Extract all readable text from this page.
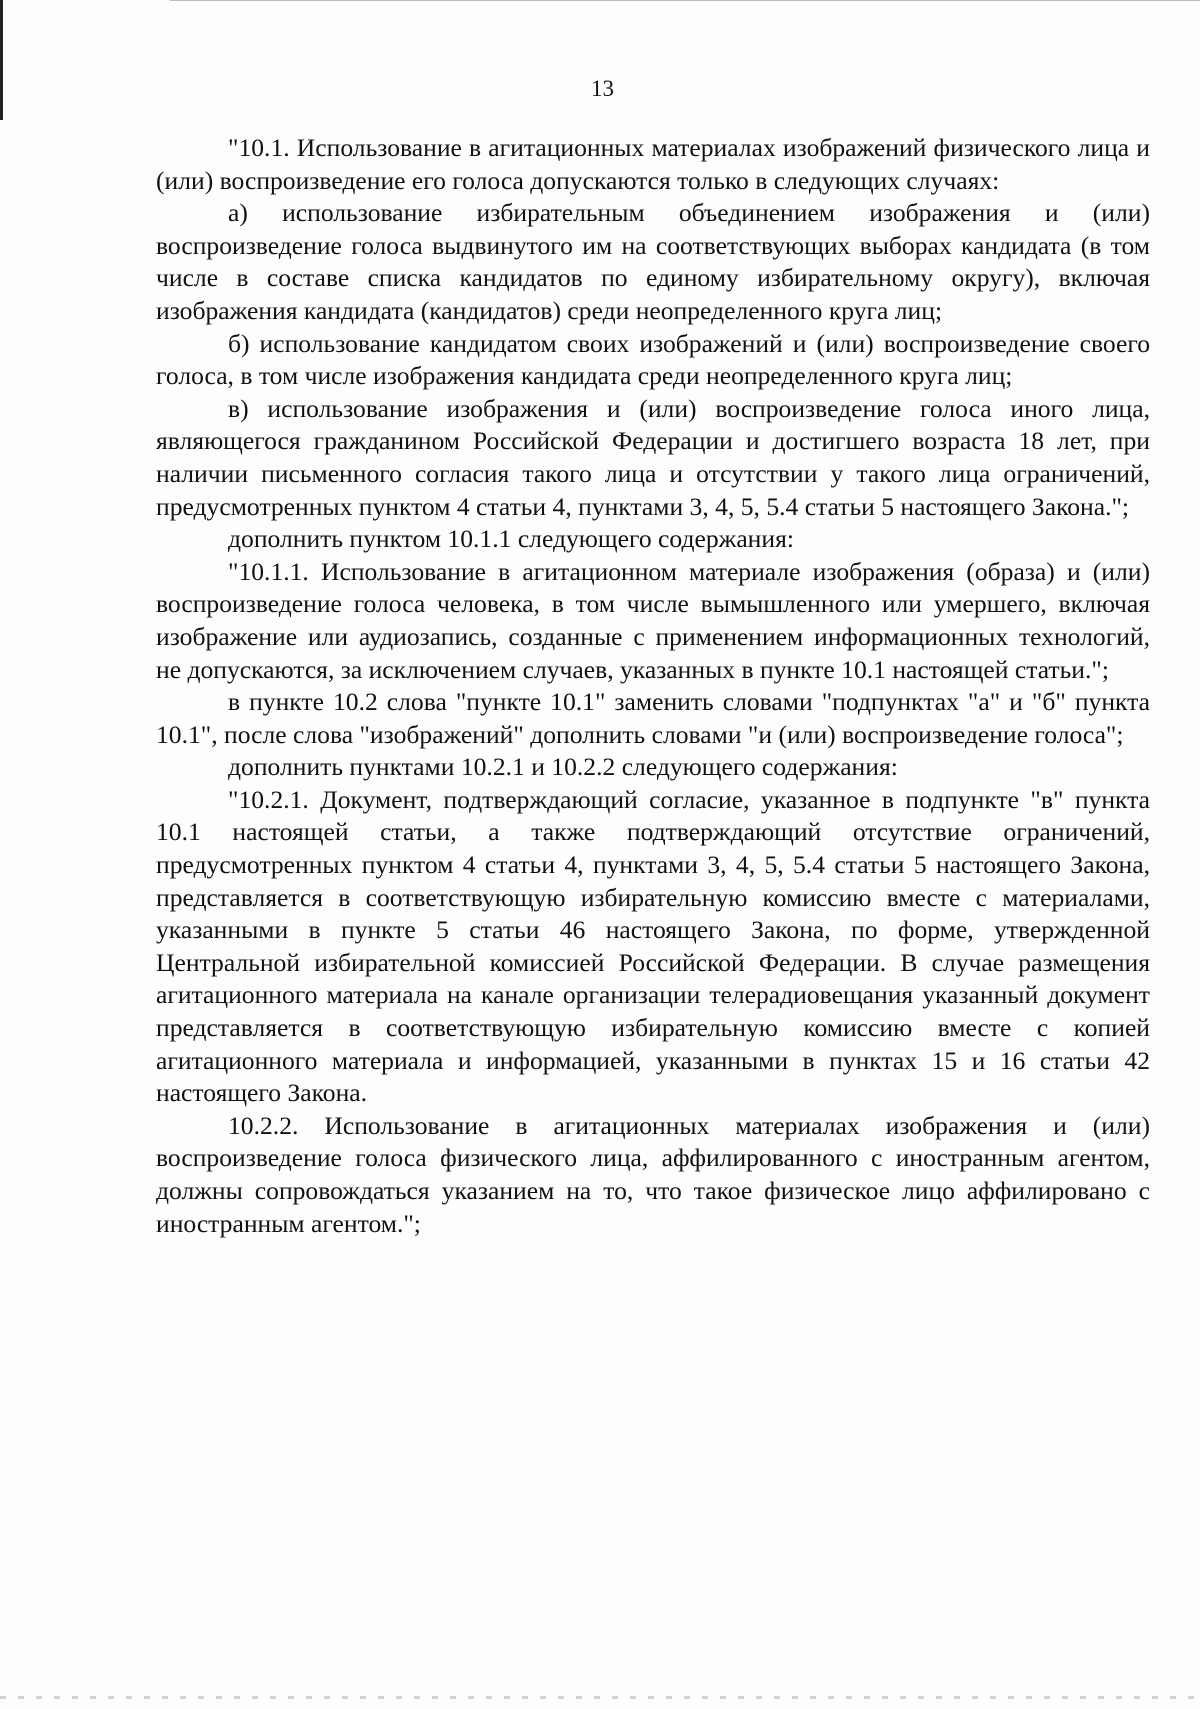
13

"10.1. Использование в агитационных материалах изображений физического лица и (или) воспроизведение его голоса допускаются только в следующих случаях:

а) использование избирательным объединением изображения и (или) воспроизведение голоса выдвинутого им на соответствующих выборах кандидата (в том числе в составе списка кандидатов по единому избирательному округу), включая изображения кандидата (кандидатов) среди неопределенного круга лиц;

б) использование кандидатом своих изображений и (или) воспроизведение своего голоса, в том числе изображения кандидата среди неопределенного круга лиц;

в) использование изображения и (или) воспроизведение голоса иного лица, являющегося гражданином Российской Федерации и достигшего возраста 18 лет, при наличии письменного согласия такого лица и отсутствии у такого лица ограничений, предусмотренных пунктом 4 статьи 4, пунктами 3, 4, 5, 5.4 статьи 5 настоящего Закона.";

дополнить пунктом 10.1.1 следующего содержания:

"10.1.1. Использование в агитационном материале изображения (образа) и (или) воспроизведение голоса человека, в том числе вымышленного или умершего, включая изображение или аудиозапись, созданные с применением информационных технологий, не допускаются, за исключением случаев, указанных в пункте 10.1 настоящей статьи.";

в пункте 10.2 слова "пункте 10.1" заменить словами "подпунктах "а" и "б" пункта 10.1", после слова "изображений" дополнить словами "и (или) воспроизведение голоса";

дополнить пунктами 10.2.1 и 10.2.2 следующего содержания:

"10.2.1. Документ, подтверждающий согласие, указанное в подпункте "в" пункта 10.1 настоящей статьи, а также подтверждающий отсутствие ограничений, предусмотренных пунктом 4 статьи 4, пунктами 3, 4, 5, 5.4 статьи 5 настоящего Закона, представляется в соответствующую избирательную комиссию вместе с материалами, указанными в пункте 5 статьи 46 настоящего Закона, по форме, утвержденной Центральной избирательной комиссией Российской Федерации. В случае размещения агитационного материала на канале организации телерадиовещания указанный документ представляется в соответствующую избирательную комиссию вместе с копией агитационного материала и информацией, указанными в пунктах 15 и 16 статьи 42 настоящего Закона.

10.2.2. Использование в агитационных материалах изображения и (или) воспроизведение голоса физического лица, аффилированного с иностранным агентом, должны сопровождаться указанием на то, что такое физическое лицо аффилировано с иностранным агентом.";
